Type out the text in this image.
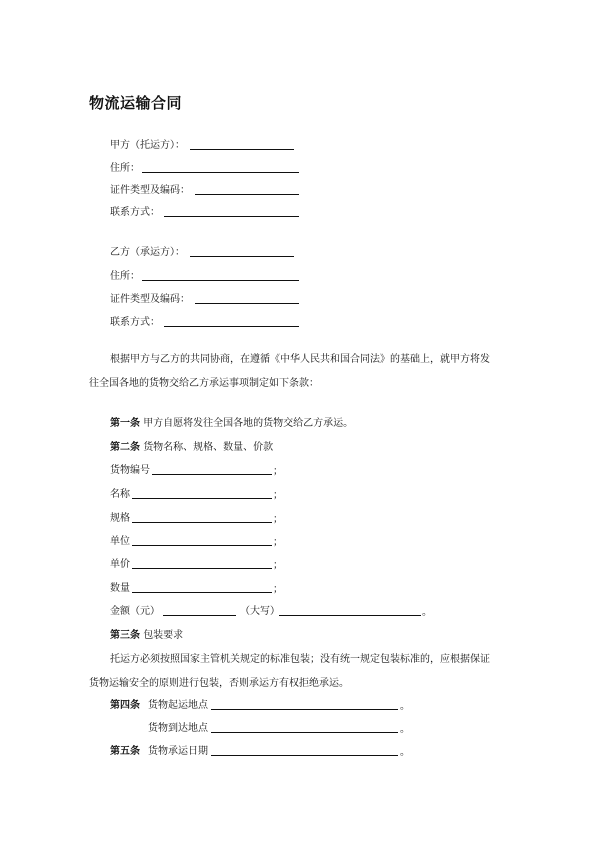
物流运输合同
甲方（托运方）：
住所：
证件类型及编码：
联系方式：
乙方（承运方）：
住所：
证件类型及编码：
联系方式：
根据甲方与乙方的共同协商，在遵循《中华人民共和国合同法》的基础上，就甲方将发
往全国各地的货物交给乙方承运事项制定如下条款：
第一条 甲方自愿将发往全国各地的货物交给乙方承运。
第二条 货物名称、规格、数量、价款
货物编号	；
名称	；
规格	；
单位	；
单价	；
数量	；
金额（元）	（大写）	。
第三条 包装要求
托运方必须按照国家主管机关规定的标准包装；没有统一规定包装标准的，应根据保证
货物运输安全的原则进行包装，否则承运方有权拒绝承运。
第四条 货物起运地点	。
货物到达地点	。
第五条 货物承运日期	。
